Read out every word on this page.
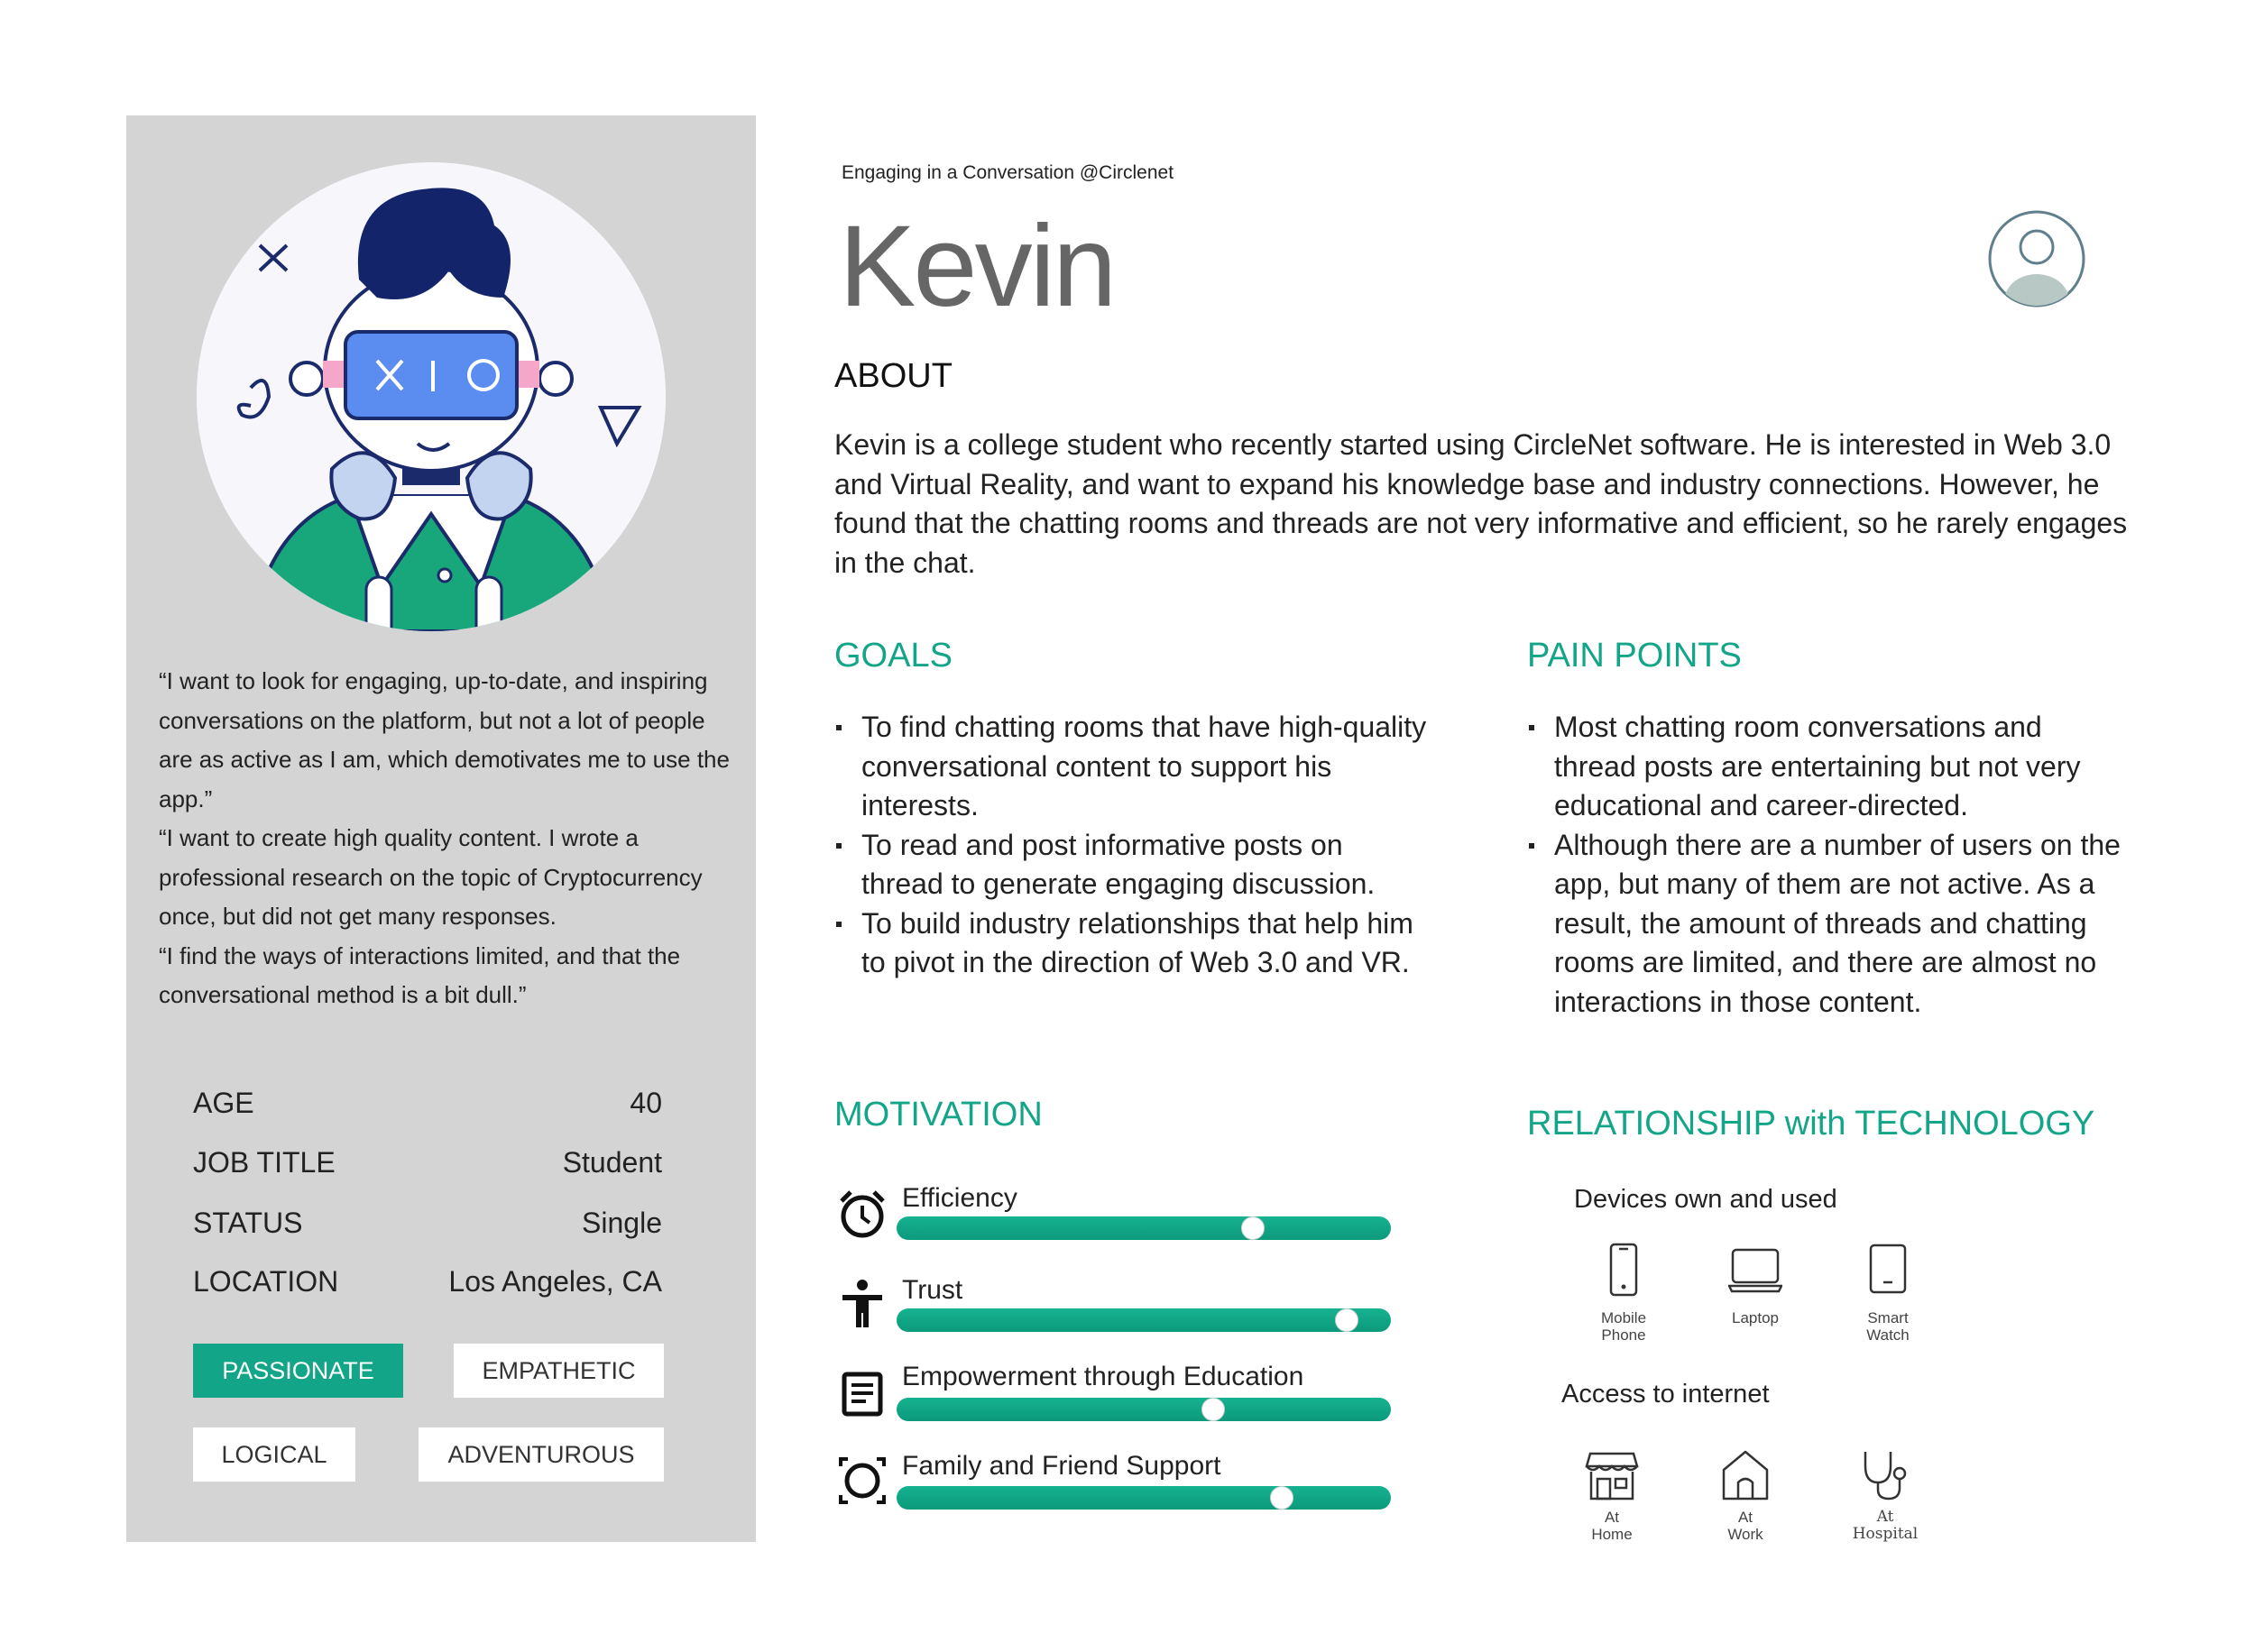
“I want to look for engaging, up-to-date, and inspiring conversations on the platform, but not a lot of people are as active as I am, which demotivates me to use the app.”

“I want to create high quality content. I wrote a professional research on the topic of Cryptocurrency once, but did not get many responses.

“I find the ways of interactions limited, and that the conversational method is a bit dull.”

AGE	40
JOB TITLE	Student
STATUS	Single
LOCATION	Los Angeles, CA
PASSIONATE	EMPATHETIC
LOGICAL	ADVENTUROUS
Engaging in a Conversation @Circlenet
Kevin
ABOUT
Kevin is a college student who recently started using CircleNet software. He is interested in Web 3.0 and Virtual Reality, and want to expand his knowledge base and industry connections. However, he found that the chatting rooms and threads are not very informative and efficient, so he rarely engages in the chat.
GOALS
To find chatting rooms that have high-quality conversational content to support his interests.
To read and post informative posts on thread to generate engaging discussion.
To build industry relationships that help him to pivot in the direction of Web 3.0 and VR.
PAIN POINTS
Most chatting room conversations and thread posts are entertaining but not very educational and career-directed.
Although there are a number of users on the app, but many of them are not active. As a result, the amount of threads and chatting rooms are limited, and there are almost no interactions in those content.
MOTIVATION
Efficiency
Trust
Empowerment through Education
Family and Friend Support
RELATIONSHIP with TECHNOLOGY
Devices own and used
Mobile
Phone
Laptop	Smart
Watch
Access to internet
At
Home
At
Work
At
Hospital
